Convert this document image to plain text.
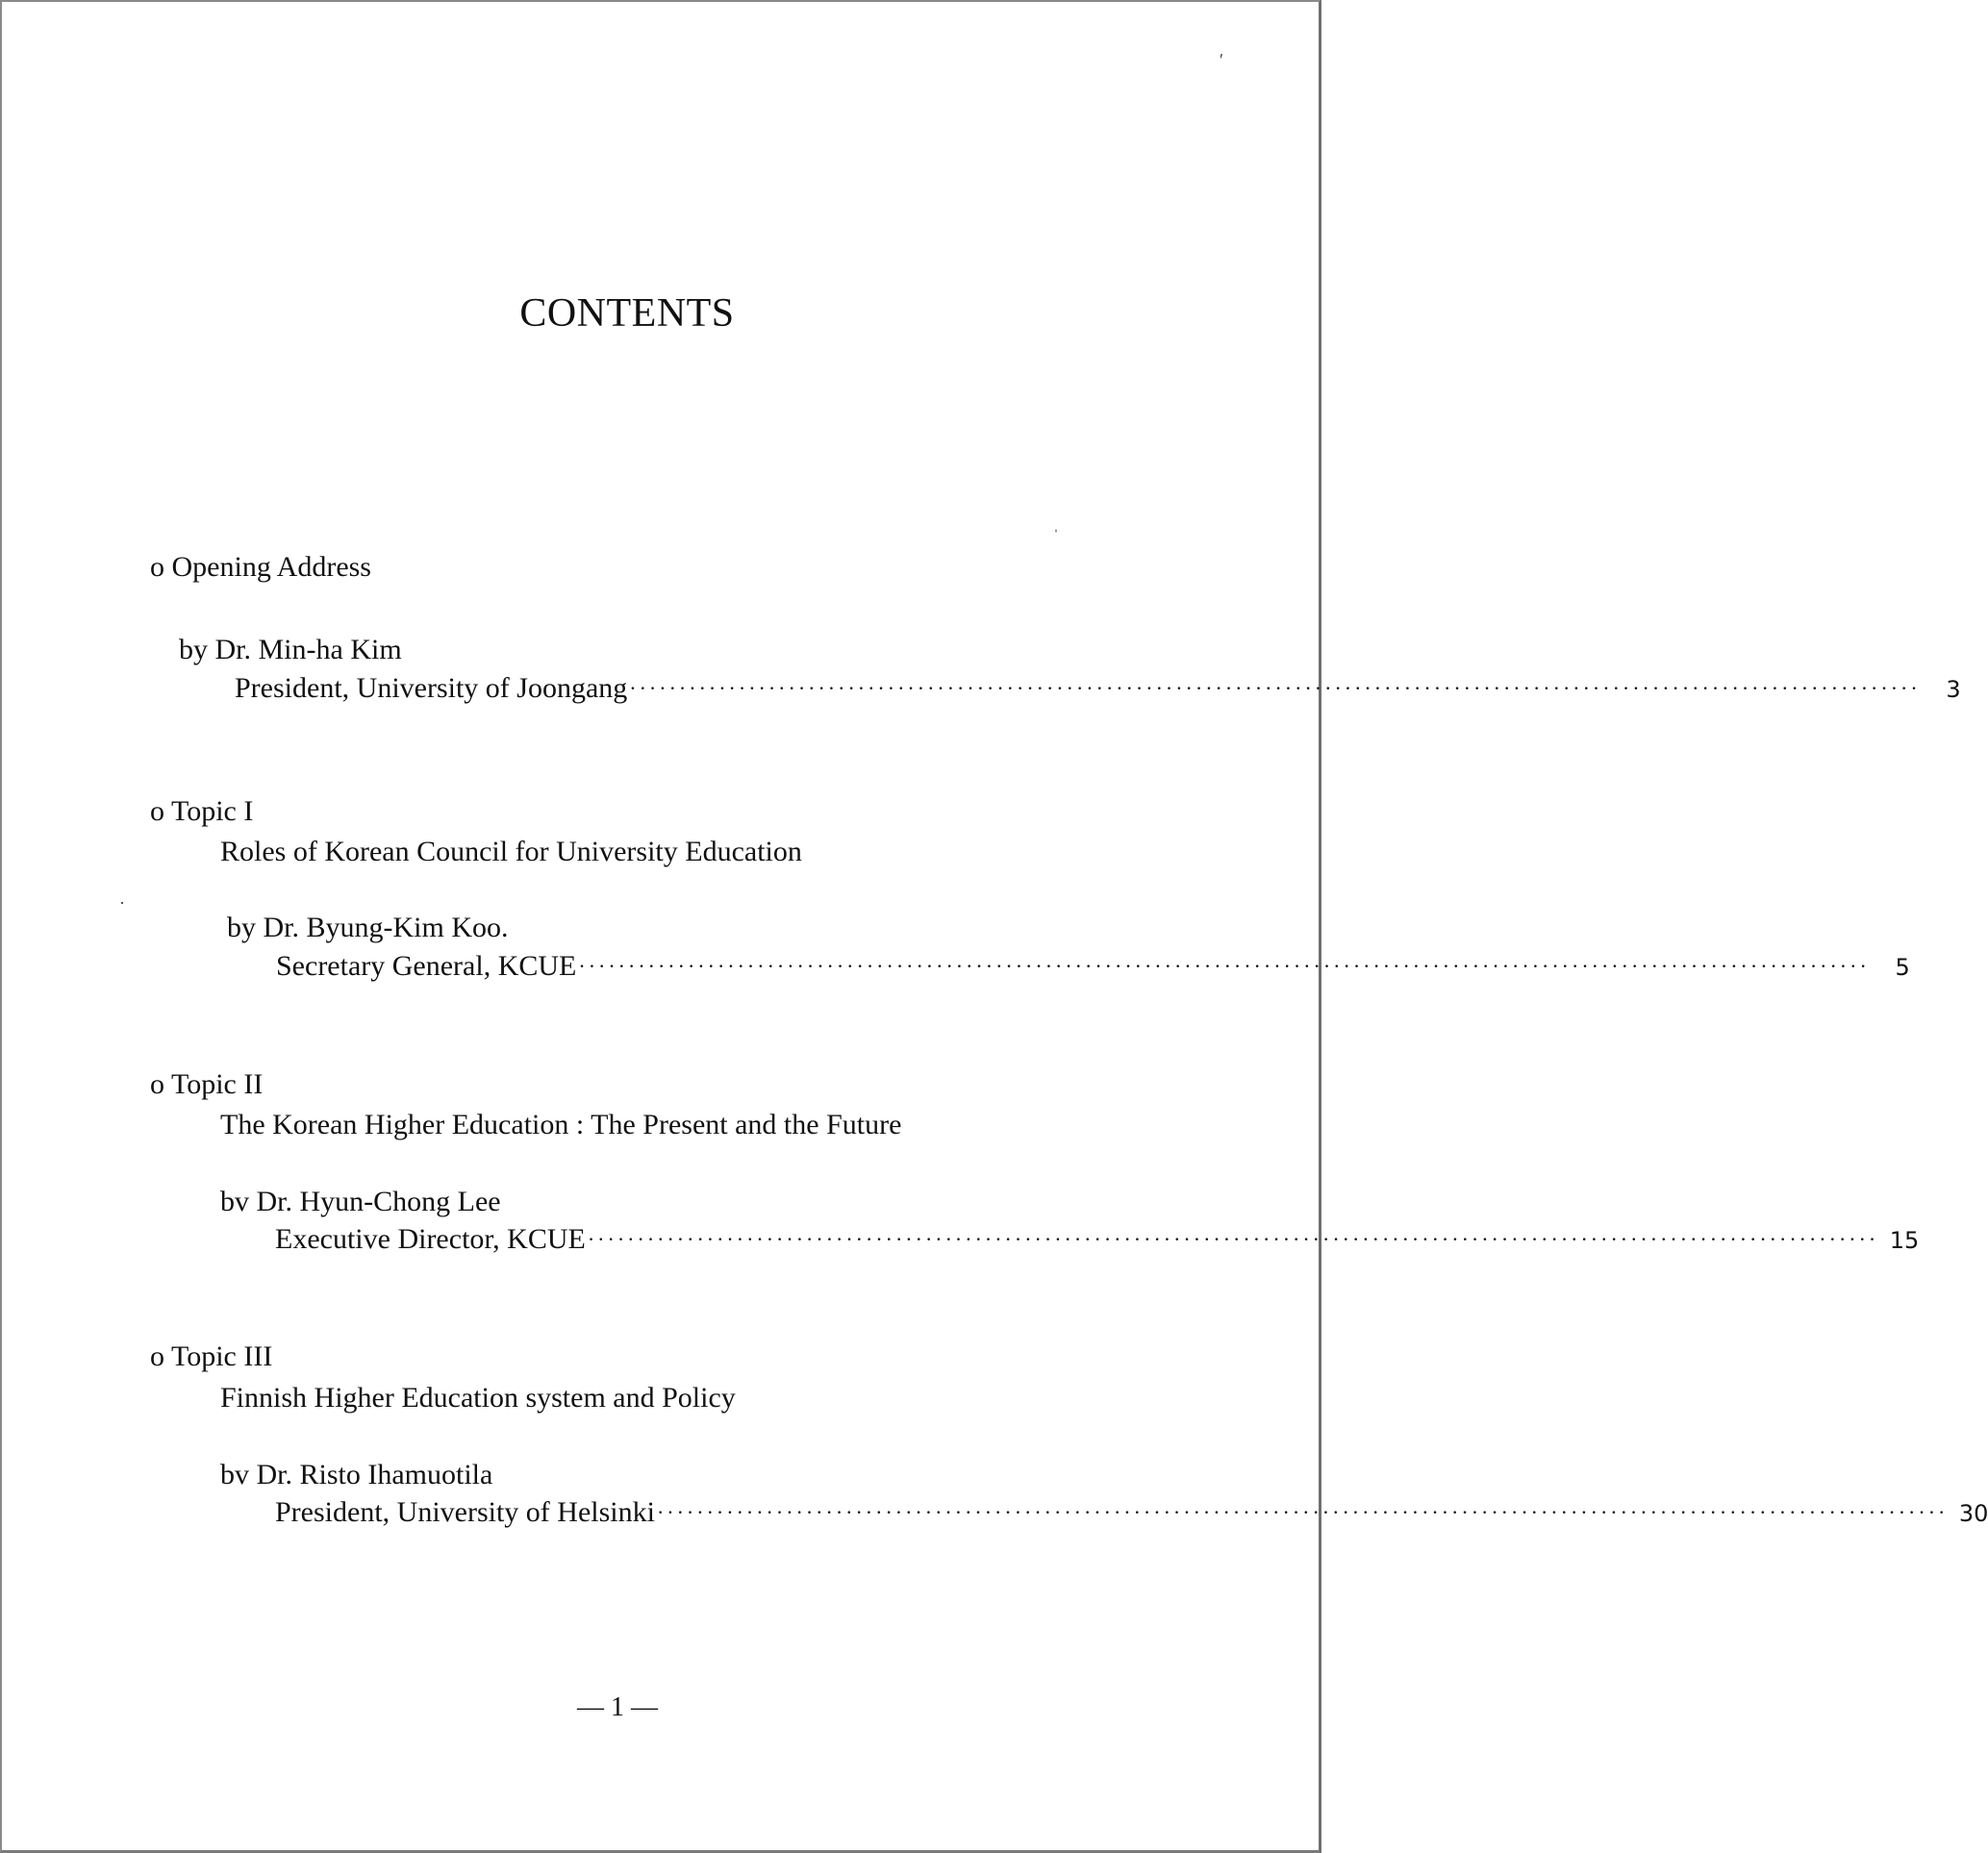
CONTENTS
o Opening Address
by Dr. Min-ha Kim
President, University of Joongang ··································································································································	3
o Topic I
Roles of Korean Council for University Education
by Dr. Byung-Kim Koo.
Secretary General, KCUE ··································································································································	5
o Topic II
The Korean Higher Education : The Present and the Future
bv Dr. Hyun-Chong Lee
Executive Director, KCUE ·································································································································· 15
o Topic III
Finnish Higher Education system and Policy
bv Dr. Risto Ihamuotila
President, University of Helsinki ·································································································································· 30
ʹ
ˈ
·
— 1 —
